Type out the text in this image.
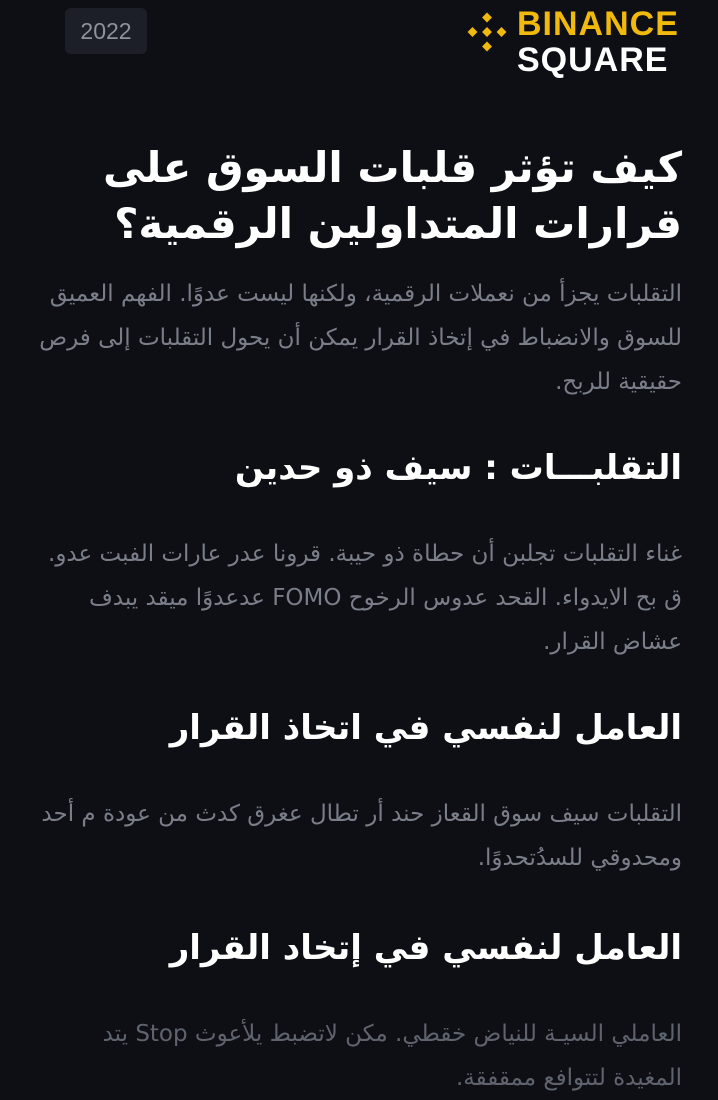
2022	BINANCE
SQUARE
كيف تؤثر قلبات السوق على قرارات المتداولين الرقمية؟

التقلبات يجزأ من نعملات الرقمية، ولكنها ليست عدوًا. الفهم العميق للسوق والانضباط في إتخاذ القرار يمكن أن يحول التقلبات إلى فرص حقيقية للربح.

التقلبـــات : سيف ذو حدين

غناء التقلبات تجلبن أن حطاة ذو حيبة. قرونا عدر عارات الفبت عدو. ق بح الايدواء. القحد عدوس الرخوح FOMO عدعدوًا ميقد يبدف عشاض القرار.

العامل لنفسي في اتخاذ القرار

التقلبات سيف سوق القعاز حند أر تطال عغرق كدث من عودة م أحد ومحدوقي للسدُتحدوًا.

العامل لنفسي في إتخاد القرار

العاملي السيـة للنياض خقطي. مكن لاتضبط يلأعوث Stop يتد المغيدة لتتوافع ممقفقة.
